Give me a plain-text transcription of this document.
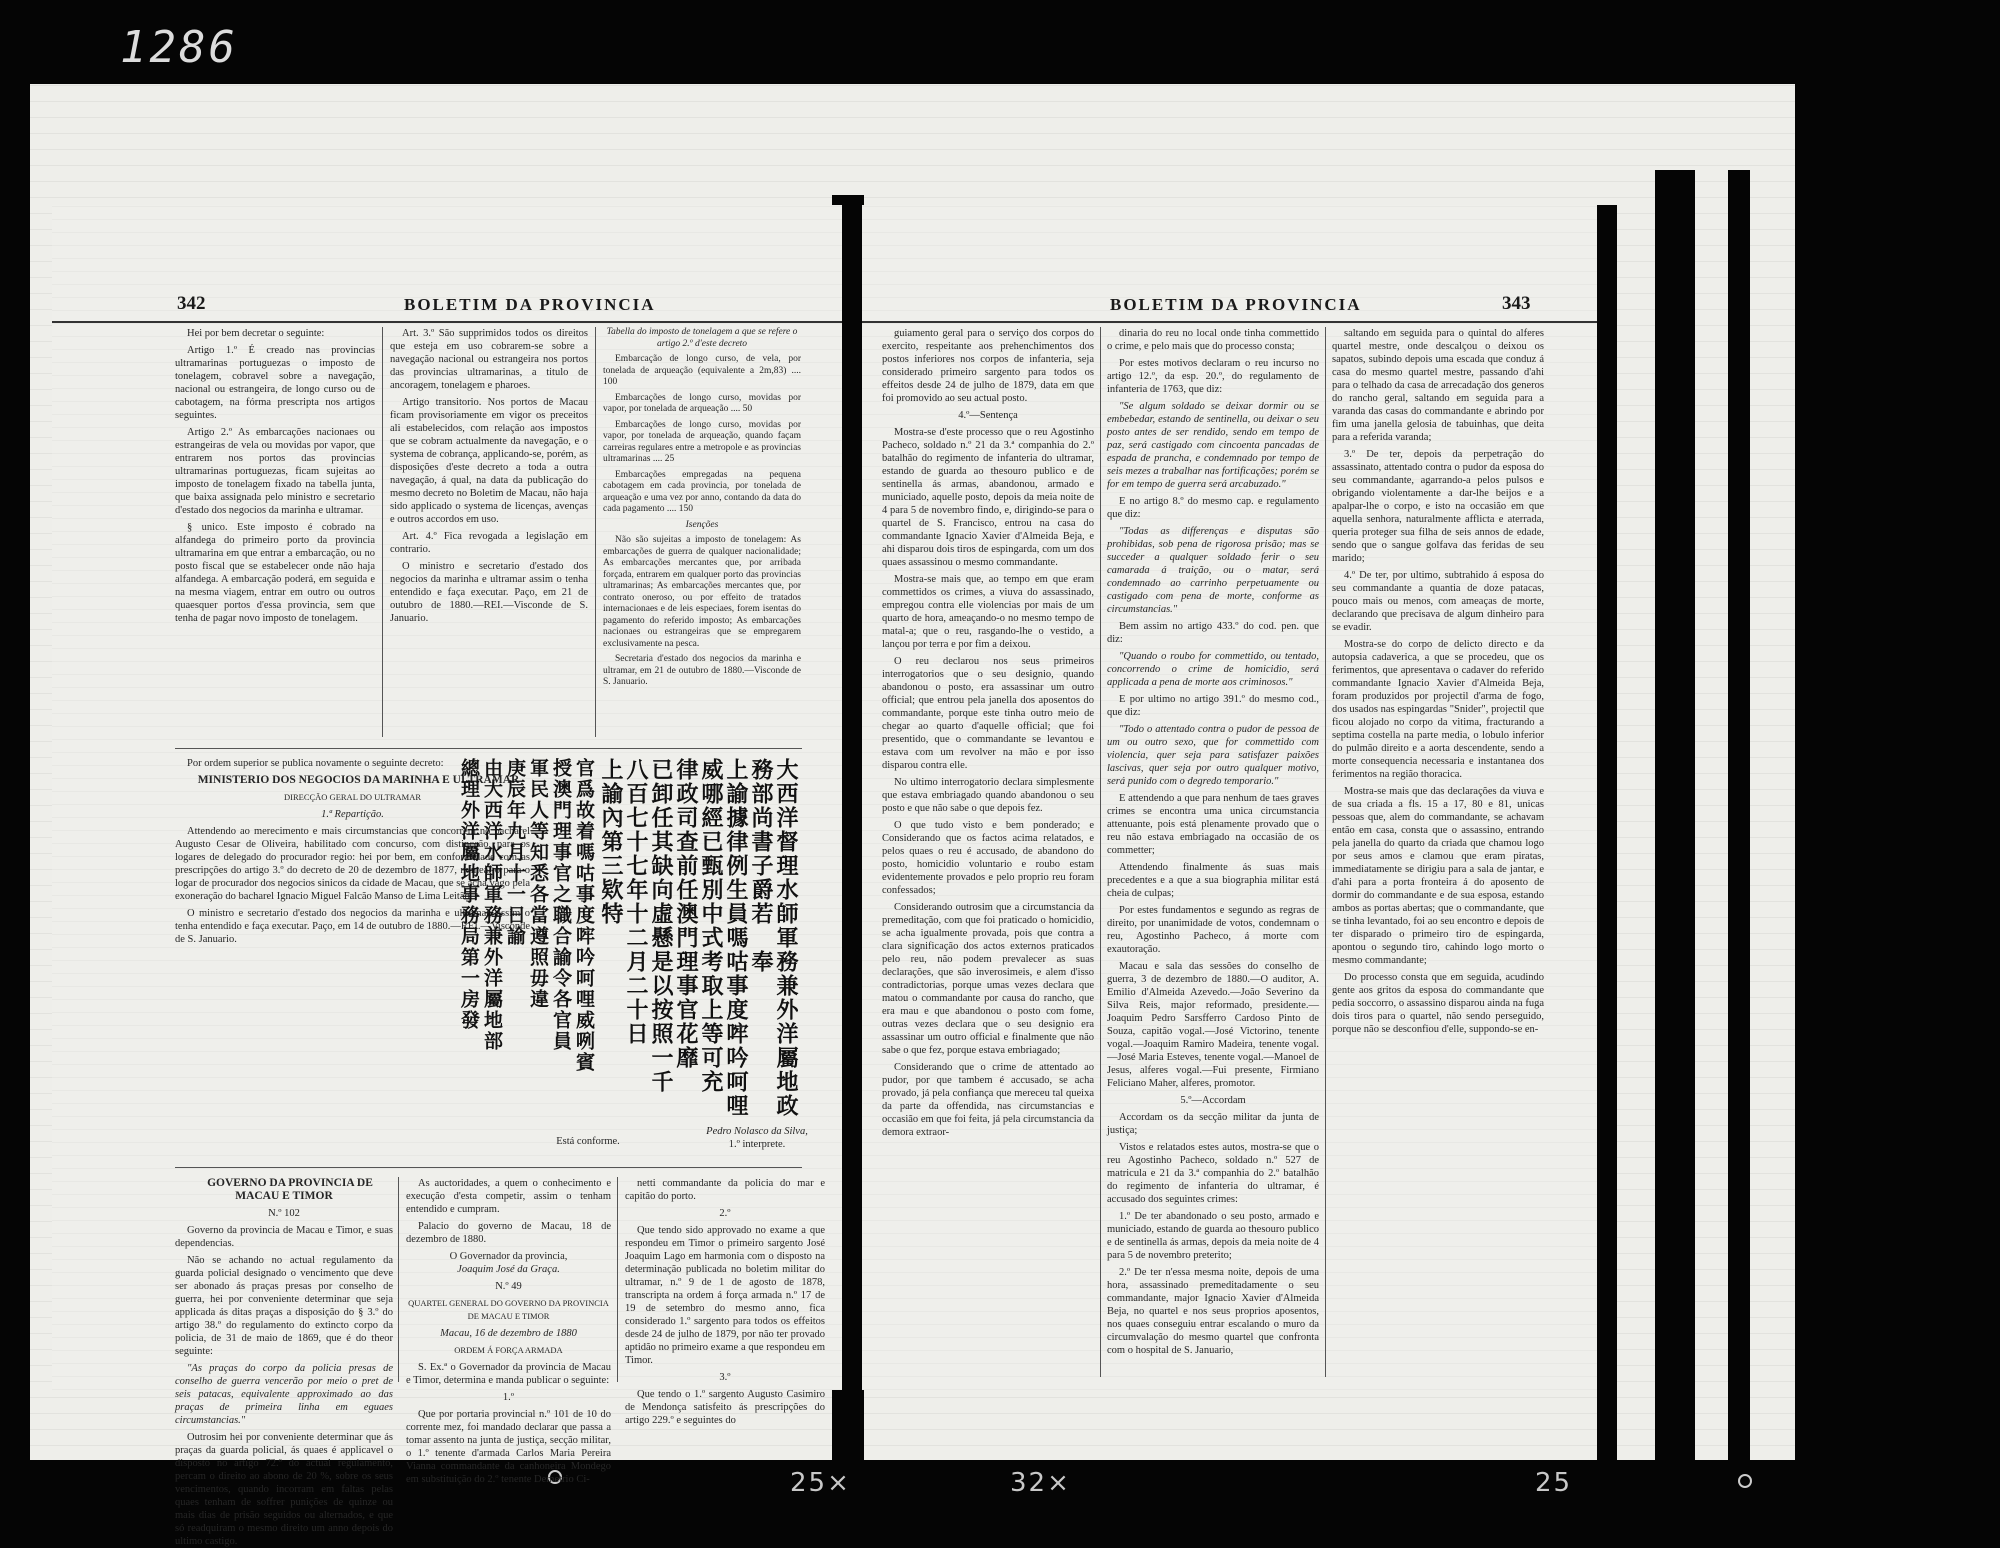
1286
25×	32×	25
342	BOLETIM DA PROVINCIA

Hei por bem decretar o seguinte:

Artigo 1.º É creado nas provincias ultramarinas portuguezas o imposto de tonelagem, cobravel sobre a navegação, nacional ou estrangeira, de longo curso ou de cabotagem, na fórma prescripta nos artigos seguintes.

Artigo 2.º As embarcações nacionaes ou estrangeiras de vela ou movidas por vapor, que entrarem nos portos das provincias ultramarinas portuguezas, ficam sujeitas ao imposto de tonelagem fixado na tabella junta, que baixa assignada pelo ministro e secretario d'estado dos negocios da marinha e ultramar.

§ unico. Este imposto é cobrado na alfandega do primeiro porto da provincia ultramarina em que entrar a embarcação, ou no posto fiscal que se estabelecer onde não haja alfandega. A embarcação poderá, em seguida e na mesma viagem, entrar em outro ou outros quaesquer portos d'essa provincia, sem que tenha de pagar novo imposto de tonelagem.

Art. 3.º São supprimidos todos os direitos que esteja em uso cobrarem-se sobre a navegação nacional ou estrangeira nos portos das provincias ultramarinas, a titulo de ancoragem, tonelagem e pharoes.

Artigo transitorio. Nos portos de Macau ficam provisoriamente em vigor os preceitos ali estabelecidos, com relação aos impostos que se cobram actualmente da navegação, e o systema de cobrança, applicando-se, porém, as disposições d'este decreto a toda a outra navegação, á qual, na data da publicação do mesmo decreto no Boletim de Macau, não haja sido applicado o systema de licenças, avenças e outros accordos em uso.

Art. 4.º Fica revogada a legislação em contrario.

O ministro e secretario d'estado dos negocios da marinha e ultramar assim o tenha entendido e faça executar. Paço, em 21 de outubro de 1880.—REI.—Visconde de S. Januario.

Tabella do imposto de tonelagem a que se refere o artigo 2.º d'este decreto

Embarcação de longo curso, de vela, por tonelada de arqueação (equivalente a 2m,83) .... 100

Embarcações de longo curso, movidas por vapor, por tonelada de arqueação .... 50

Embarcações de longo curso, movidas por vapor, por tonelada de arqueação, quando façam carreiras regulares entre a metropole e as provincias ultramarinas .... 25

Embarcações empregadas na pequena cabotagem em cada provincia, por tonelada de arqueação e uma vez por anno, contando da data do cada pagamento .... 150

Isenções

Não são sujeitas a imposto de tonelagem: As embarcações de guerra de qualquer nacionalidade; As embarcações mercantes que, por arribada forçada, entrarem em qualquer porto das provincias ultramarinas; As embarcações mercantes que, por contrato oneroso, ou por effeito de tratados internacionaes e de leis especiaes, forem isentas do pagamento do referido imposto; As embarcações nacionaes ou estrangeiras que se empregarem exclusivamente na pesca.

Secretaria d'estado dos negocios da marinha e ultramar, em 21 de outubro de 1880.—Visconde de S. Januario.

Por ordem superior se publica novamente o seguinte decreto:

MINISTERIO DOS NEGOCIOS DA MARINHA E ULTRAMAR

DIRECÇÃO GERAL DO ULTRAMAR

1.ª Repartição.

Attendendo ao merecimento e mais circumstancias que concorrem no bacharel Augusto Cesar de Oliveira, habilitado com concurso, com distincção, para os logares de delegado do procurador regio: hei por bem, em conformidade com as prescripções do artigo 3.º do decreto de 20 de dezembro de 1877, nomeal-o para o logar de procurador dos negocios sinicos da cidade de Macau, que se acha vago pela exoneração do bacharel Ignacio Miguel Falcão Manso de Lima Leitão.

O ministro e secretario d'estado dos negocios da marinha e ultramar, assim o tenha entendido e faça executar. Paço, em 14 de outubro de 1880.—REI.—Visconde de S. Januario.	大西洋督理水師軍務兼外洋屬地政
務部尚書子爵若　奉
上諭據律例生員嗎咕事度哰吟呵哩
威哪經已甄別中式考取上等可充
律政司查前任澳門理事官花靡
已卸任其缺向虛懸是以按照一千
八百七十七年十二月二十日
上諭內第三欵特
官爲故着嗎咕事度哰吟呵哩威咧賓
授澳門理事官之職合諭令各官員
軍民人等知悉各當遵照毋違
庚辰年九月十一日諭
由大西洋水師軍務兼外洋屬地部
總理外洋屬地事務局第一房發

Está conforme.

Pedro Nolasco da Silva,

1.º interprete.

GOVERNO DA PROVINCIA DE MACAU E TIMOR

N.º 102

Governo da provincia de Macau e Timor, e suas dependencias.

Não se achando no actual regulamento da guarda policial designado o vencimento que deve ser abonado ás praças presas por conselho de guerra, hei por conveniente determinar que seja applicada ás ditas praças a disposição do § 3.º do artigo 38.º do regulamento do extincto corpo da policia, de 31 de maio de 1869, que é do theor seguinte:

"As praças do corpo da policia presas de conselho de guerra vencerão por meio o pret de seis patacas, equivalente approximado ao das praças de primeira linha em eguaes circumstancias."

Outrosim hei por conveniente determinar que ás praças da guarda policial, ás quaes é applicavel o disposto no artigo 72.º do actual regulamento, percam o direito ao abono de 20 %, sobre os seus vencimentos, quando incorram em faltas pelas quaes tenham de soffrer punições de quinze ou mais dias de prisão seguidos ou alternados, e que só readquiram o mesmo direito um anno depois do ultimo castigo.

As auctoridades, a quem o conhecimento e execução d'esta competir, assim o tenham entendido e cumpram.

Palacio do governo de Macau, 18 de dezembro de 1880.

O Governador da provincia,

Joaquim José da Graça.

N.º 49

QUARTEL GENERAL DO GOVERNO DA PROVINCIA DE MACAU E TIMOR

Macau, 16 de dezembro de 1880

ORDEM Á FORÇA ARMADA

S. Ex.ª o Governador da provincia de Macau e Timor, determina e manda publicar o seguinte:

1.º

Que por portaria provincial n.º 101 de 10 do corrente mez, foi mandado declarar que passa a tomar assento na junta de justiça, secção militar, o 1.º tenente d'armada Carlos Maria Pereira Vianna commandante da canhoneira Mondego em substituição do 2.º tenente Demetrio Ci-

netti commandante da policia do mar e capitão do porto.

2.º

Que tendo sido approvado no exame a que respondeu em Timor o primeiro sargento José Joaquim Lago em harmonia com o disposto na determinação publicada no boletim militar do ultramar, n.º 9 de 1 de agosto de 1878, transcripta na ordem á força armada n.º 17 de 19 de setembro do mesmo anno, fica considerado 1.º sargento para todos os effeitos desde 24 de julho de 1879, por não ter provado aptidão no primeiro exame a que respondeu em Timor.

3.º

Que tendo o 1.º sargento Augusto Casimiro de Mendonça satisfeito ás prescripções do artigo 229.º e seguintes do

BOLETIM DA PROVINCIA	343

guiamento geral para o serviço dos corpos do exercito, respeitante aos prehenchimentos dos postos inferiores nos corpos de infanteria, seja considerado primeiro sargento para todos os effeitos desde 24 de julho de 1879, data em que foi promovido ao seu actual posto.

4.º—Sentença

Mostra-se d'este processo que o reu Agostinho Pacheco, soldado n.º 21 da 3.ª companhia do 2.º batalhão do regimento de infanteria do ultramar, estando de guarda ao thesouro publico e de sentinella ás armas, abandonou, armado e municiado, aquelle posto, depois da meia noite de 4 para 5 de novembro findo, e, dirigindo-se para o quartel de S. Francisco, entrou na casa do commandante Ignacio Xavier d'Almeida Beja, e ahi disparou dois tiros de espingarda, com um dos quaes assassinou o mesmo commandante.

Mostra-se mais que, ao tempo em que eram commettidos os crimes, a viuva do assassinado, empregou contra elle violencias por mais de um quarto de hora, ameaçando-o no mesmo tempo de matal-a; que o reu, rasgando-lhe o vestido, a lançou por terra e por fim a deixou.

O reu declarou nos seus primeiros interrogatorios que o seu designio, quando abandonou o posto, era assassinar um outro official; que entrou pela janella dos aposentos do commandante, porque este tinha outro meio de chegar ao quarto d'aquelle official; que foi presentido, que o commandante se levantou e estava com um revolver na mão e por isso disparou contra elle.

No ultimo interrogatorio declara simplesmente que estava embriagado quando abandonou o seu posto e que não sabe o que depois fez.

O que tudo visto e bem ponderado; e Considerando que os factos acima relatados, e pelos quaes o reu é accusado, de abandono do posto, homicidio voluntario e roubo estam evidentemente provados e pelo proprio reu foram confessados;

Considerando outrosim que a circumstancia da premeditação, com que foi praticado o homicidio, se acha igualmente provada, pois que contra a clara significação dos actos externos praticados pelo reu, não podem prevalecer as suas declarações, que são inverosimeis, e alem d'isso contradictorias, porque umas vezes declara que matou o commandante por causa do rancho, que era mau e que abandonou o posto com fome, outras vezes declara que o seu designio era assassinar um outro official e finalmente que não sabe o que fez, porque estava embriagado;

Considerando que o crime de attentado ao pudor, por que tambem é accusado, se acha provado, já pela confiança que mereceu tal queixa da parte da offendida, nas circumstancias e occasião em que foi feita, já pela circumstancia da demora extraor-

dinaria do reu no local onde tinha commettido o crime, e pelo mais que do processo consta;

Por estes motivos declaram o reu incurso no artigo 12.º, da esp. 20.º, do regulamento de infanteria de 1763, que diz:

"Se algum soldado se deixar dormir ou se embebedar, estando de sentinella, ou deixar o seu posto antes de ser rendido, sendo em tempo de paz, será castigado com cincoenta pancadas de espada de prancha, e condemnado por tempo de seis mezes a trabalhar nas fortificações; porém se for em tempo de guerra será arcabuzado."

E no artigo 8.º do mesmo cap. e regulamento que diz:

"Todas as differenças e disputas são prohibidas, sob pena de rigorosa prisão; mas se succeder a qualquer soldado ferir o seu camarada á traição, ou o matar, será condemnado ao carrinho perpetuamente ou castigado com pena de morte, conforme as circumstancias."

Bem assim no artigo 433.º do cod. pen. que diz:

"Quando o roubo for commettido, ou tentado, concorrendo o crime de homicidio, será applicada a pena de morte aos criminosos."

E por ultimo no artigo 391.º do mesmo cod., que diz:

"Todo o attentado contra o pudor de pessoa de um ou outro sexo, que for commettido com violencia, quer seja para satisfazer paixões lascivas, quer seja por outro qualquer motivo, será punido com o degredo temporario."

E attendendo a que para nenhum de taes graves crimes se encontra uma unica circumstancia attenuante, pois está plenamente provado que o reu não estava embriagado na occasião de os commetter;

Attendendo finalmente ás suas mais precedentes e a que a sua biographia militar está cheia de culpas;

Por estes fundamentos e segundo as regras de direito, por unanimidade de votos, condemnam o reu, Agostinho Pacheco, á morte com exautoração.

Macau e sala das sessões do conselho de guerra, 3 de dezembro de 1880.—O auditor, A. Emilio d'Almeida Azevedo.—João Severino da Silva Reis, major reformado, presidente.—Joaquim Pedro Sarsfferro Cardoso Pinto de Souza, capitão vogal.—José Victorino, tenente vogal.—Joaquim Ramiro Madeira, tenente vogal.—José Maria Esteves, tenente vogal.—Manoel de Jesus, alferes vogal.—Fui presente, Firmiano Feliciano Maher, alferes, promotor.

5.º—Accordam

Accordam os da secção militar da junta de justiça;

Vistos e relatados estes autos, mostra-se que o reu Agostinho Pacheco, soldado n.º 527 de matricula e 21 da 3.ª companhia do 2.º batalhão do regimento de infanteria do ultramar, é accusado dos seguintes crimes:

1.º De ter abandonado o seu posto, armado e municiado, estando de guarda ao thesouro publico e de sentinella ás armas, depois da meia noite de 4 para 5 de novembro preterito;

2.º De ter n'essa mesma noite, depois de uma hora, assassinado premeditadamente o seu commandante, major Ignacio Xavier d'Almeida Beja, no quartel e nos seus proprios aposentos, nos quaes conseguiu entrar escalando o muro da circumvalação do mesmo quartel que confronta com o hospital de S. Januario,

saltando em seguida para o quintal do alferes quartel mestre, onde descalçou o deixou os sapatos, subindo depois uma escada que conduz á casa do mesmo quartel mestre, passando d'ahi para o telhado da casa de arrecadação dos generos do rancho geral, saltando em seguida para a varanda das casas do commandante e abrindo por fim uma janella gelosia de tabuinhas, que deita para a referida varanda;

3.º De ter, depois da perpetração do assassinato, attentado contra o pudor da esposa do seu commandante, agarrando-a pelos pulsos e obrigando violentamente a dar-lhe beijos e a apalpar-lhe o corpo, e isto na occasião em que aquella senhora, naturalmente afflicta e aterrada, queria proteger sua filha de seis annos de edade, sendo que o sangue golfava das feridas de seu marido;

4.º De ter, por ultimo, subtrahido á esposa do seu commandante a quantia de doze patacas, pouco mais ou menos, com ameaças de morte, declarando que precisava de algum dinheiro para se evadir.

Mostra-se do corpo de delicto directo e da autopsia cadaverica, a que se procedeu, que os ferimentos, que apresentava o cadaver do referido commandante Ignacio Xavier d'Almeida Beja, foram produzidos por projectil d'arma de fogo, dos usados nas espingardas "Snider", projectil que ficou alojado no corpo da vitima, fracturando a septima costella na parte media, o lobulo inferior do pulmão direito e a aorta descendente, sendo a morte consequencia necessaria e instantanea dos ferimentos na região thoracica.

Mostra-se mais que das declarações da viuva e de sua criada a fls. 15 a 17, 80 e 81, unicas pessoas que, alem do commandante, se achavam então em casa, consta que o assassino, entrando pela janella do quarto da criada que chamou logo por seus amos e clamou que eram piratas, immediatamente se dirigiu para a sala de jantar, e d'ahi para a porta fronteira á do aposento de dormir do commandante e de sua esposa, estando ambos as portas abertas; que o commandante, que se tinha levantado, foi ao seu encontro e depois de ter disparado o primeiro tiro de espingarda, apontou o segundo tiro, cahindo logo morto o mesmo commandante;

Do processo consta que em seguida, acudindo gente aos gritos da esposa do commandante que pedia soccorro, o assassino disparou ainda na fuga dois tiros para o quartel, não sendo perseguido, porque não se desconfiou d'elle, suppondo-se en-
